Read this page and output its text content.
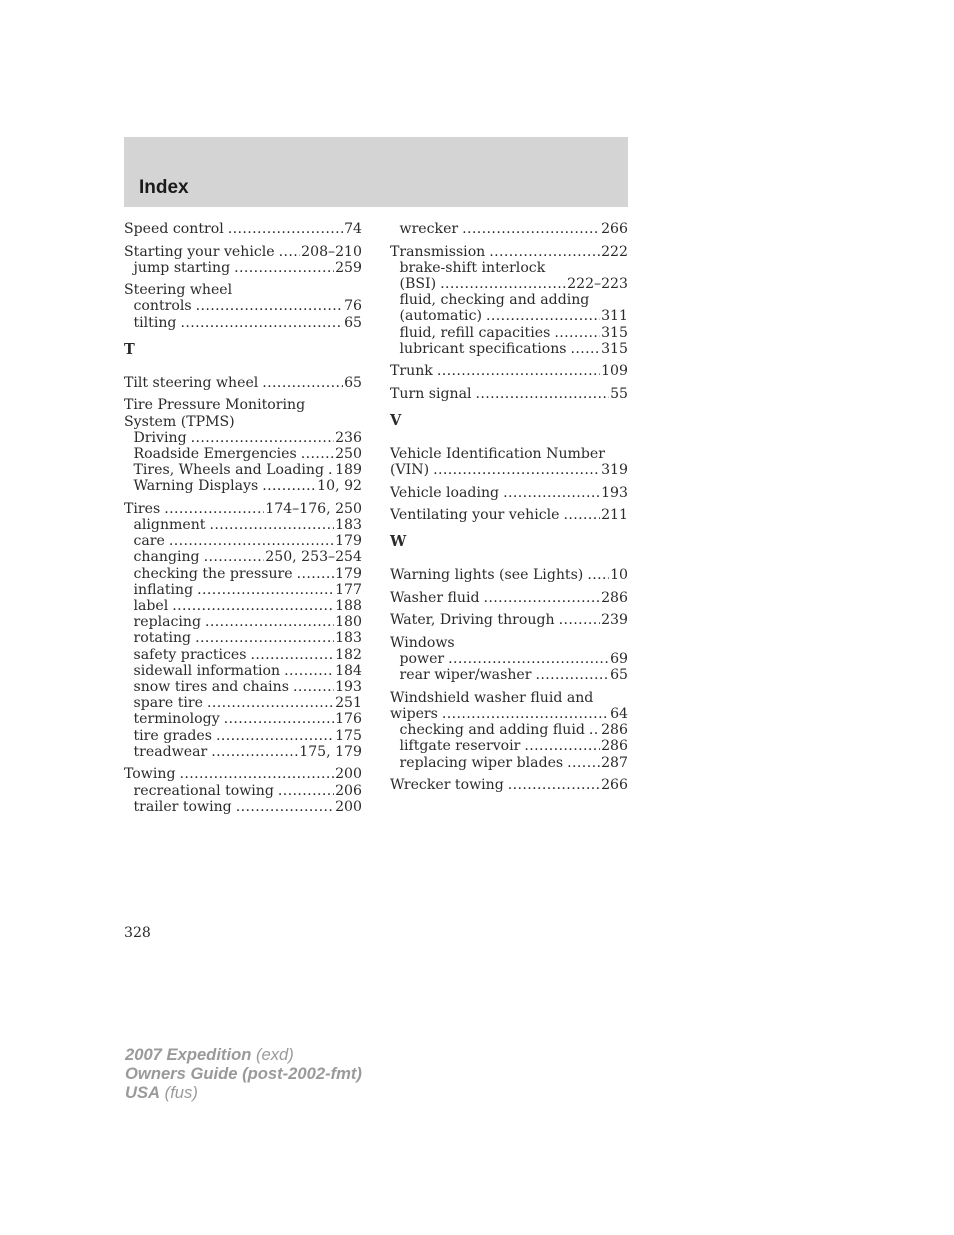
Index
Speed control .....	74
Starting your vehicle ..... 208–210
jump starting .....	259
Steering wheel
controls .....	76
tilting .....	65
T
Tilt steering wheel .....	65
Tire Pressure Monitoring
System (TPMS)
Driving .....	236
Roadside Emergencies .....	250
Tires, Wheels and Loading ..... 189
Warning Displays .....	10, 92
Tires .....	174–176, 250
alignment .....	183
care .....	179
changing .....	250, 253–254
checking the pressure .....	179
inflating .....	177
label .....	188
replacing .....	180
rotating .....	183
safety practices .....	182
sidewall information .....	184
snow tires and chains .....	193
spare tire .....	251
terminology .....	176
tire grades .....	175
treadwear .....	175, 179
Towing .....	200
recreational towing .....	206
trailer towing .....	200
wrecker .....	266
Transmission .....	222
brake-shift interlock
(BSI) .....	222–223
fluid, checking and adding
(automatic) .....	311
fluid, refill capacities .....	315
lubricant specifications ..... 315
Trunk .....	109
Turn signal .....	55
V
Vehicle Identification Number
(VIN) .....	319
Vehicle loading .....	193
Ventilating your vehicle .....	211
W
Warning lights (see Lights) ..... 10
Washer fluid .....	286
Water, Driving through .....	239
Windows
power .....	69
rear wiper/washer .....	65
Windshield washer fluid and
wipers .....	64
checking and adding fluid ..... 286
liftgate reservoir .....	286
replacing wiper blades .....	287
Wrecker towing .....	266
328
2007 Expedition (exd)
Owners Guide (post-2002-fmt)
USA (fus)
